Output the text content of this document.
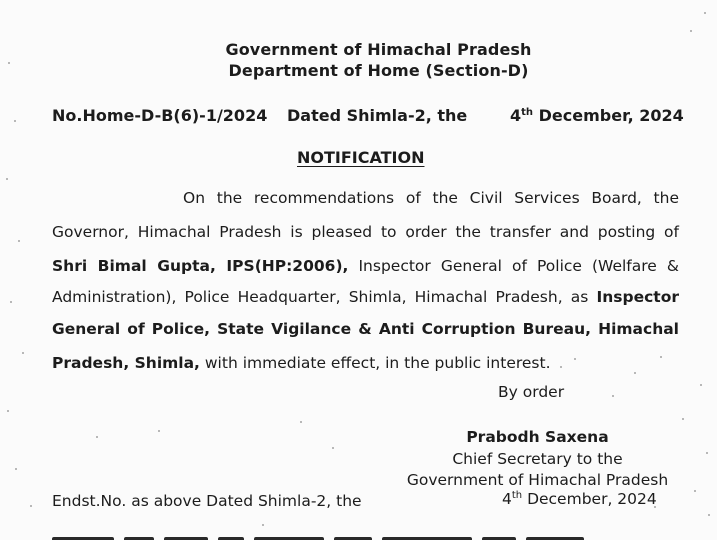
Government of Himachal Pradesh
Department of Home (Section-D)
No.Home-D-B(6)-1/2024 Dated Shimla-2, the	4th December, 2024
NOTIFICATION
On the recommendations of the Civil Services Board, the
Governor, Himachal Pradesh is pleased to order the transfer and posting of
Shri Bimal Gupta, IPS(HP:2006), Inspector General of Police (Welfare &
Administration), Police Headquarter, Shimla, Himachal Pradesh, as Inspector
General of Police, State Vigilance & Anti Corruption Bureau, Himachal
Pradesh, Shimla, with immediate effect, in the public interest.
By order
Prabodh Saxena
Chief Secretary to the
Government of Himachal Pradesh
Endst.No. as above Dated Shimla-2, the	4th December, 2024
